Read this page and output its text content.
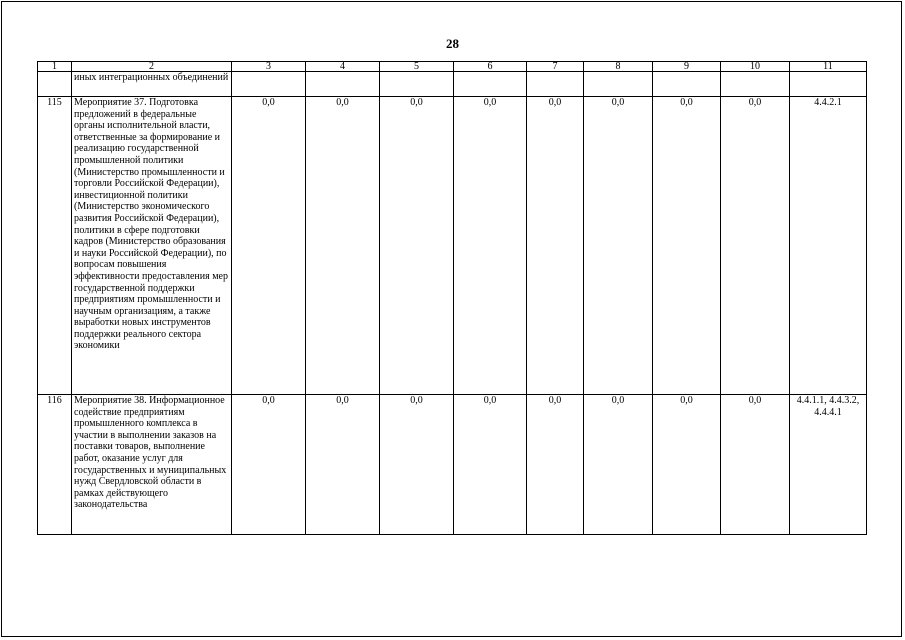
28
1	2	3	4	5	6	7	8	9	10	11
	иных интеграционных объединений									
115	Мероприятие 37. Подготовка предложений в федеральные органы исполнительной власти, ответственные за формирование и реализацию государственной промышленной политики (Министерство промышленности и торговли Российской Федерации), инвестиционной политики (Министерство экономического развития Российской Федерации), политики в сфере подготовки кадров (Министерство образования и науки Российской Федерации), по вопросам повышения эффективности предоставления мер государственной поддержки предприятиям промышленности и научным организациям, а также выработки новых инструментов поддержки реального сектора экономики	0,0	0,0	0,0	0,0	0,0	0,0	0,0	0,0	4.4.2.1
116	Мероприятие 38. Информационное содействие предприятиям промышленного комплекса в участии в выполнении заказов на поставки товаров, выполнение работ, оказание услуг для государственных и муниципальных нужд Свердловской области в рамках действующего законодательства	0,0	0,0	0,0	0,0	0,0	0,0	0,0	0,0	4.4.1.1, 4.4.3.2, 4.4.4.1
